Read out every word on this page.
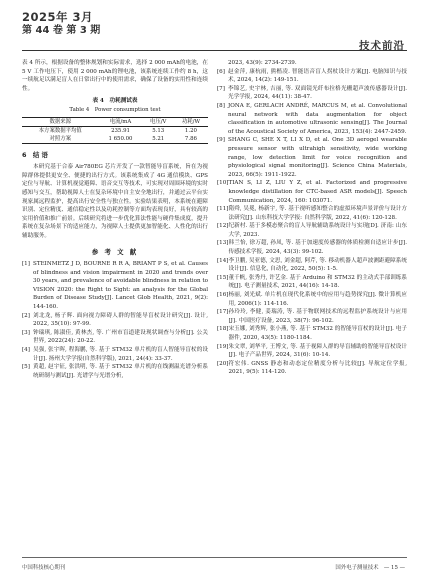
2025年 3月
第 44 卷 第 3 期
技术前沿

表 4 所示，根据设备的整体规划和实际需求，选择 2 000 mAh的电池，在 5 V 工作电压下，使用 2 000 mAh的锂电池，该系统连续工作约 8 h，这一续航足以满足盲人在日常出行中的使用需求，确保了设备的实用性和连续性。

表 4　功耗测试表
Table 4　Power consumption test
数据来源	电流/mA	电压/V	功耗/W
本方案数据平均值	235.91	5.13	1.20
对照方案	1 650.00	5.21	7.86
6　结 语

本研究基于合泰 Air780EG 芯片开发了一款智能导盲系统，旨在为视障群体提供更安全、便捷的出行方式。该系统集成了 4G 通信模块、GPS 定位与导航、计算机视觉避障、语音交互等技术，可实现对周围环境的实时感知与交互，帮助视障人士在复杂环境中自主安全地出行，并通过云平台实现家属远程监护，提高出行安全性与独立性。实验结果表明，本系统在避障识别、定位精度、通信稳定性以及功耗控制等方面均表现良好，具有较高的实用价值和推广前景。后续研究将进一步优化算法性能与硬件集成度，提升系统在复杂场景下的适应能力，为视障人士提供更加智能化、人性化的出行辅助服务。

参 考 文 献
[1] STEINMETZ J D, BOURNE R R A, BRIANT P S, et al. Causes of blindness and vision impairment in 2020 and trends over 30 years, and prevalence of avoidable blindness in relation to VISION 2020: the Right to Sight: an analysis for the Global Burden of Disease Study[J]. Lancet Glob Health, 2021, 9(2): 144-160.
[2] 刘北龙, 杨子辉. 面向视力障碍人群的智能导盲杖设计研究[J]. 设计, 2022, 35(10): 97-99.
[3] 钟瑞琪, 陈淑佳, 黄林杰, 等. 广州市盲道建设现状调查与分析[J]. 公关世界, 2022(24): 20-22.
[4] 吴强, 张宇晖, 程海鹏, 等. 基于 STM32 单片机的盲人智能导盲杖的设计[J]. 扬州大学学报(自然科学版), 2021, 24(4): 33-37.
[5] 黄超, 赵宇征, 张洪明, 等. 基于 STM32 单片机的在线测温光谱分析系统研制与测试[J]. 光谱学与光谱分析,
2023, 43(9): 2734-2739.
[6] 赵金萍, 康杭雨, 熊楷凌. 智能语音盲人拐杖设计方案[J]. 电脑知识与技术, 2024, 14(2): 149-151.
[7] 李锦艺, 史宇林, 吉丽, 等. 双面镜光纤布拉格光栅超声波传感器设计[J]. 光学学报, 2024, 44(11): 38-47.
[8] JONA E, GERLACH ANDRÉ, MARCUS M, et al. Convolutional neural network with data augmentation for object classification in automotive ultrasonic sensing[J]. The Journal of the Acoustical Society of America, 2023, 153(4): 2447-2459.
[9] SHANG C, SHE X T, LI X D, et al. One 3D aerogel wearable pressure sensor with ultrahigh sensitivity, wide working range, low detection limit for voice recognition and physiological signal monitoring[J]. Science China Materials, 2023, 66(5): 1911-1922.
[10] TIAN S, LI Z, LIU Y Z, et al. Factorized and progressive knowledge distillation for CTC-based ASR models[J]. Speech Communication, 2024, 160: 103071.
[11] 隋舜, 吴冕, 杨新宇, 等. 基于视听感知整合的虚拟环境声景评价与设计方法研究[J]. 山东科技大学学报: 自然科学版, 2022, 41(6): 120-128.
[12] 纪新村. 基于多模态聚合的盲人导航辅助系统设计与实现[D]. 济南: 山东大学, 2023.
[13] 韩兰怡, 徐万超, 孙凤, 等. 基于加速度传感器的体质检测自适应计步[J]. 传感技术学报, 2024, 43(3): 99-102.
[14] 李卫鹏, 吴亚德, 文思, 刘金超, 阿芹, 等. 移动机器人超声波测距避障系统设计[J]. 信息化, 自动化, 2022, 50(5): 1-5.
[15] 董千帆, 张秀丹, 许艺金. 基于 Arduino 和 STM32 的主动式手部训练系统[J]. 电子测量技术, 2021, 44(16): 14-18.
[16] 杨丽, 刘光斌. 单片机在现代化系统中的应用与趋势探究[J]. 微计算机应用, 2006(1): 114-116.
[17] 孙玲玲, 李健, 姜瑞涛, 等. 基于物联网技术的远程监护系统设计与应用[J]. 中国医疗设备, 2023, 38(7): 96-102.
[18] 宋玉娜, 刘秀辉, 张小燕, 等. 基于 STM32 的智能导盲杖的设计[J]. 电子器件, 2020, 43(5): 1180-1184.
[19] 朱文翠, 刘华平, 王博文, 等. 基于视障人群的导盲辅助的智能导盲杖设计[J]. 电子产品世界, 2024, 31(6): 10-14.
[20] 符宏伟. GNSS 静态和动态定位精度分析与比较[J]. 导航定位学报, 2021, 9(5): 114-120.
中国科技核心期刊	国外电子测量技术　— 15 —
